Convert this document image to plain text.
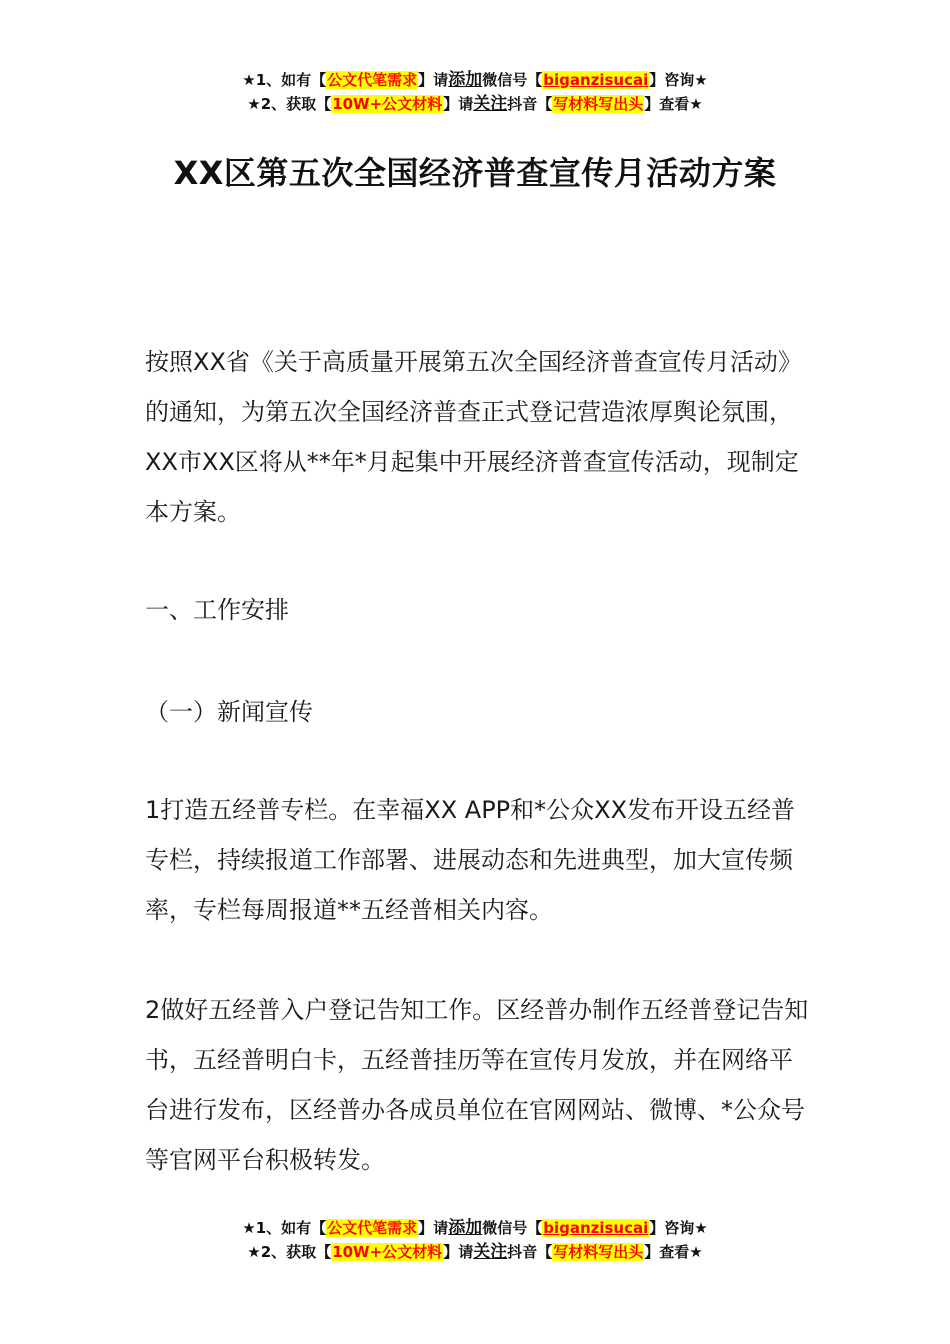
★1、如有【公文代笔需求】请添加微信号【biganzisucai】咨询★
★2、获取【10W+公文材料】请关注抖音【写材料写出头】查看★
XX区第五次全国经济普查宣传月活动方案
按照XX省《关于高质量开展第五次全国经济普查宣传月活动》的通知，为第五次全国经济普查正式登记营造浓厚舆论氛围，XX市XX区将从**年*月起集中开展经济普查宣传活动，现制定本方案。
一、工作安排
（一）新闻宣传
1打造五经普专栏。在幸福XX APP和*公众XX发布开设五经普专栏，持续报道工作部署、进展动态和先进典型，加大宣传频率，专栏每周报道**五经普相关内容。
2做好五经普入户登记告知工作。区经普办制作五经普登记告知书，五经普明白卡，五经普挂历等在宣传月发放，并在网络平台进行发布，区经普办各成员单位在官网网站、微博、*公众号等官网平台积极转发。
★1、如有【公文代笔需求】请添加微信号【biganzisucai】咨询★
★2、获取【10W+公文材料】请关注抖音【写材料写出头】查看★
